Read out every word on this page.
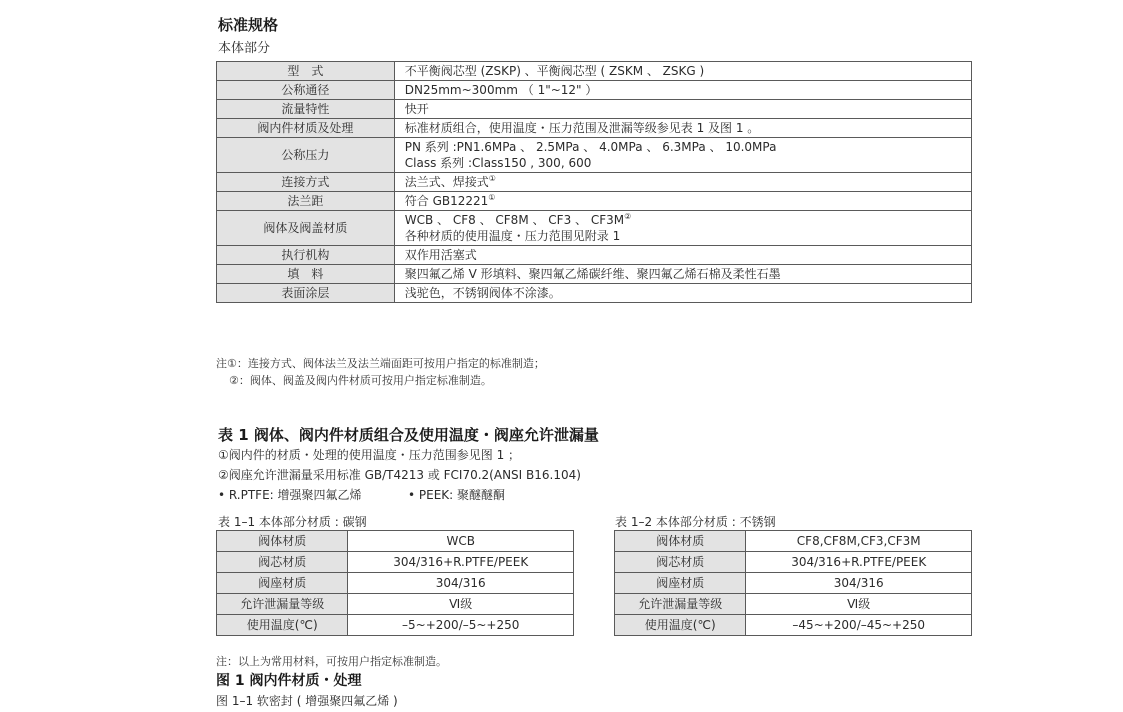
标准规格
本体部分
型　式	不平衡阀芯型 (ZSKP) 、平衡阀芯型 ( ZSKM 、 ZSKG )

公称通径	DN25mm~300mm （ 1"~12" ）

流量特性	快开

阀内件材质及处理	标准材质组合，使用温度・压力范围及泄漏等级参见表 1 及图 1 。

公称压力	PN 系列 :PN1.6MPa 、 2.5MPa 、 4.0MPa 、 6.3MPa 、 10.0MPa
Class 系列 :Class150 , 300, 600

连接方式	法兰式、焊接式①

法兰距	符合 GB12221①

阀体及阀盖材质	WCB 、 CF8 、 CF8M 、 CF3 、 CF3M②
各种材质的使用温度・压力范围见附录 1

执行机构	双作用活塞式

填　料	聚四氟乙烯 V 形填料、聚四氟乙烯碳纤维、聚四氟乙烯石棉及柔性石墨

表面涂层	浅驼色，不锈钢阀体不涂漆。
注①：连接方式、阀体法兰及法兰端面距可按用户指定的标准制造；
②：阀体、阀盖及阀内件材质可按用户指定标准制造。
表 1 阀体、阀内件材质组合及使用温度・阀座允许泄漏量
①阀内件的材质・处理的使用温度・压力范围参见图 1 ；
②阀座允许泄漏量采用标准 GB/T4213 或 FCI70.2(ANSI B16.104)
• R.PTFE: 增强聚四氟乙烯	• PEEK: 聚醚醚酮
表 1–1 本体部分材质 : 碳钢	表 1–2 本体部分材质 : 不锈钢
阀体材质	WCB
阀芯材质	304/316+R.PTFE/PEEK
阀座材质	304/316
允许泄漏量等级	Ⅵ级
使用温度(℃)	–5~+200/–5~+250
阀体材质	CF8,CF8M,CF3,CF3M
阀芯材质	304/316+R.PTFE/PEEK
阀座材质	304/316
允许泄漏量等级	Ⅵ级
使用温度(℃)	–45~+200/–45~+250
注：以上为常用材料，可按用户指定标准制造。
图 1 阀内件材质・处理
图 1–1 软密封 ( 增强聚四氟乙烯 )
